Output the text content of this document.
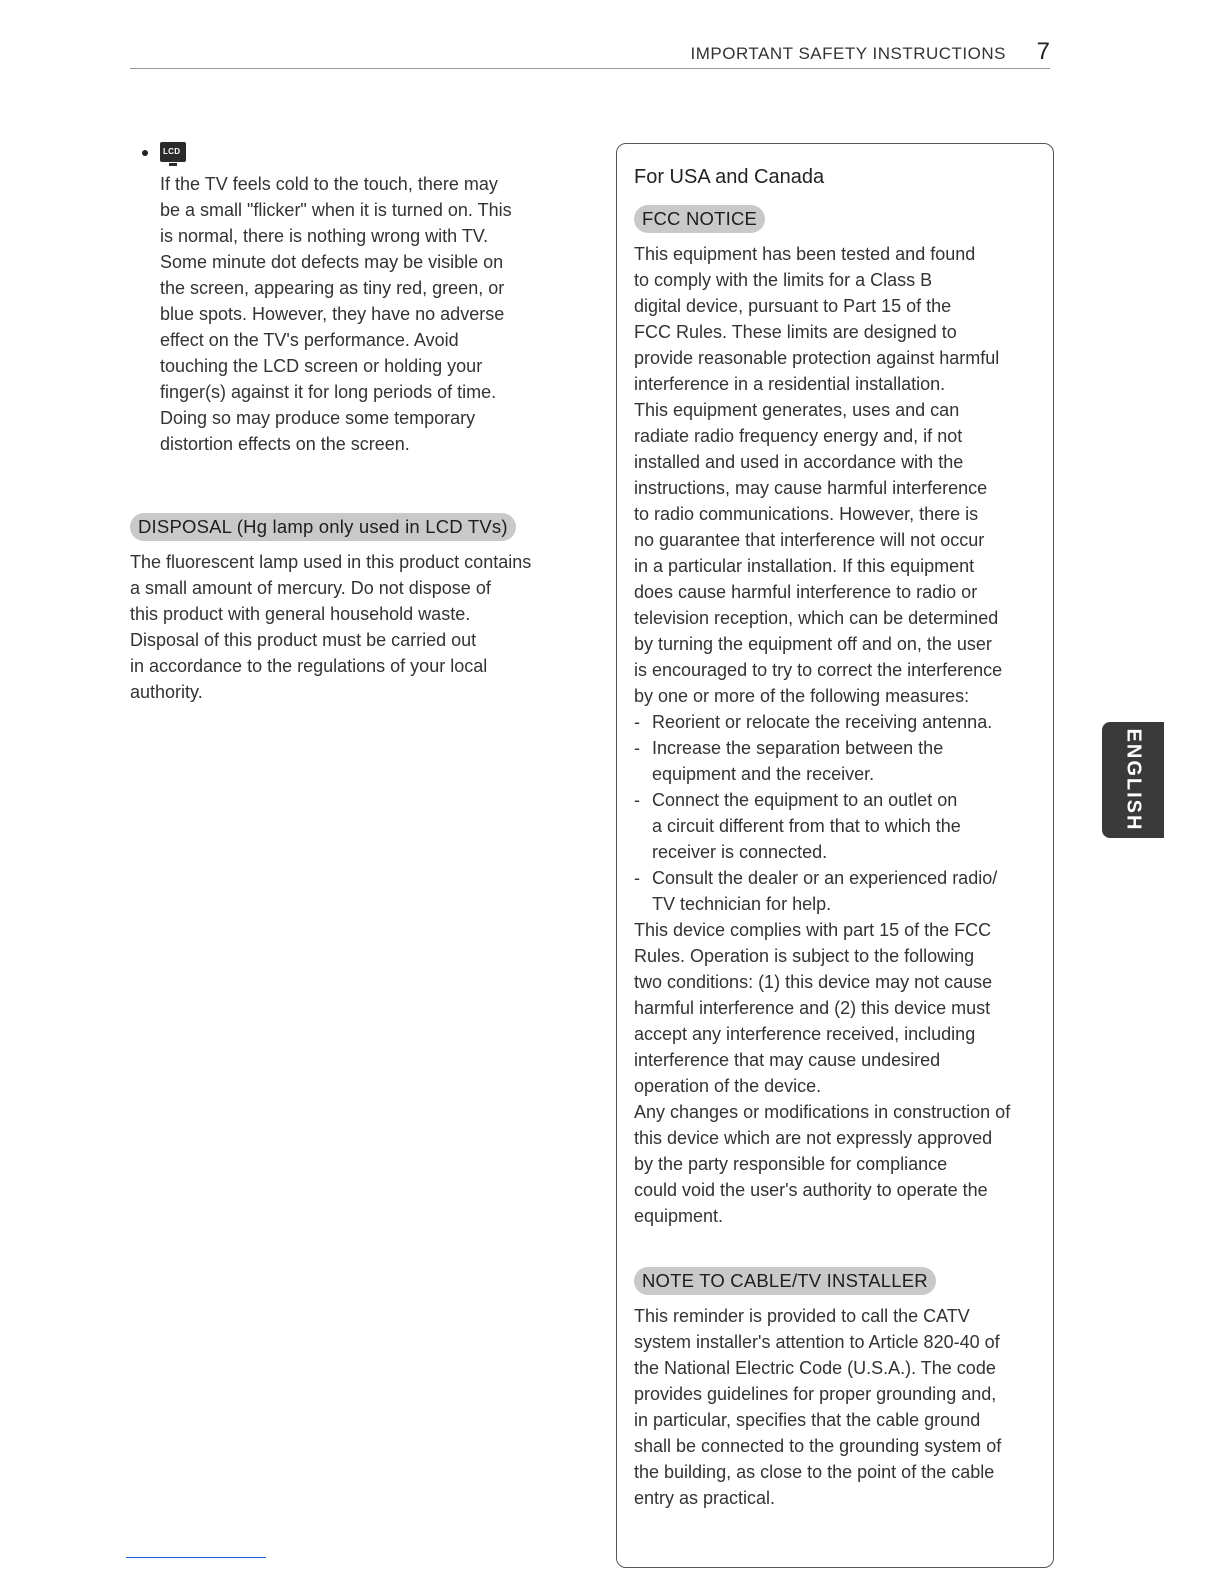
IMPORTANT SAFETY INSTRUCTIONS 7
LCD

If the TV feels cold to the touch, there may
be a small "flicker" when it is turned on. This
is normal, there is nothing wrong with TV.
Some minute dot defects may be visible on
the screen, appearing as tiny red, green, or
blue spots. However, they have no adverse
effect on the TV's performance. Avoid
touching the LCD screen or holding your
finger(s) against it for long periods of time.
Doing so may produce some temporary
distortion effects on the screen.

DISPOSAL (Hg lamp only used in LCD TVs)

The fluorescent lamp used in this product contains
a small amount of mercury. Do not dispose of
this product with general household waste.
Disposal of this product must be carried out
in accordance to the regulations of your local
authority.

For USA and Canada
FCC NOTICE

This equipment has been tested and found
to comply with the limits for a Class B
digital device, pursuant to Part 15 of the
FCC Rules. These limits are designed to
provide reasonable protection against harmful
interference in a residential installation.
This equipment generates, uses and can
radiate radio frequency energy and, if not
installed and used in accordance with the
instructions, may cause harmful interference
to radio communications. However, there is
no guarantee that interference will not occur
in a particular installation. If this equipment
does cause harmful interference to radio or
television reception, which can be determined
by turning the equipment off and on, the user
is encouraged to try to correct the interference
by one or more of the following measures:

- Reorient or relocate the receiving antenna.
- Increase the separation between the
equipment and the receiver.
- Connect the equipment to an outlet on
a circuit different from that to which the
receiver is connected.
- Consult the dealer or an experienced radio/
TV technician for help.

This device complies with part 15 of the FCC
Rules. Operation is subject to the following
two conditions: (1) this device may not cause
harmful interference and (2) this device must
accept any interference received, including
interference that may cause undesired
operation of the device.
Any changes or modifications in construction of
this device which are not expressly approved
by the party responsible for compliance
could void the user's authority to operate the
equipment.

NOTE TO CABLE/TV INSTALLER

This reminder is provided to call the CATV
system installer's attention to Article 820-40 of
the National Electric Code (U.S.A.). The code
provides guidelines for proper grounding and,
in particular, specifies that the cable ground
shall be connected to the grounding system of
the building, as close to the point of the cable
entry as practical.

ENGLISH
